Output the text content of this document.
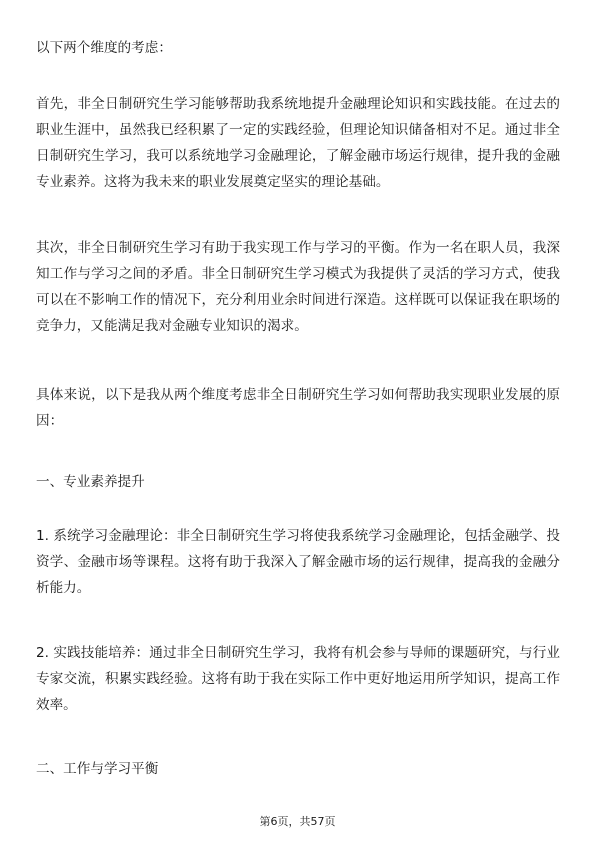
以下两个维度的考虑：

首先，非全日制研究生学习能够帮助我系统地提升金融理论知识和实践技能。在过去的职业生涯中，虽然我已经积累了一定的实践经验，但理论知识储备相对不足。通过非全日制研究生学习，我可以系统地学习金融理论，了解金融市场运行规律，提升我的金融专业素养。这将为我未来的职业发展奠定坚实的理论基础。

其次，非全日制研究生学习有助于我实现工作与学习的平衡。作为一名在职人员，我深知工作与学习之间的矛盾。非全日制研究生学习模式为我提供了灵活的学习方式，使我可以在不影响工作的情况下，充分利用业余时间进行深造。这样既可以保证我在职场的竞争力，又能满足我对金融专业知识的渴求。

具体来说，以下是我从两个维度考虑非全日制研究生学习如何帮助我实现职业发展的原因：

一、专业素养提升

1. 系统学习金融理论：非全日制研究生学习将使我系统学习金融理论，包括金融学、投资学、金融市场等课程。这将有助于我深入了解金融市场的运行规律，提高我的金融分析能力。

2. 实践技能培养：通过非全日制研究生学习，我将有机会参与导师的课题研究，与行业专家交流，积累实践经验。这将有助于我在实际工作中更好地运用所学知识，提高工作效率。

二、工作与学习平衡

第6页，共57页
